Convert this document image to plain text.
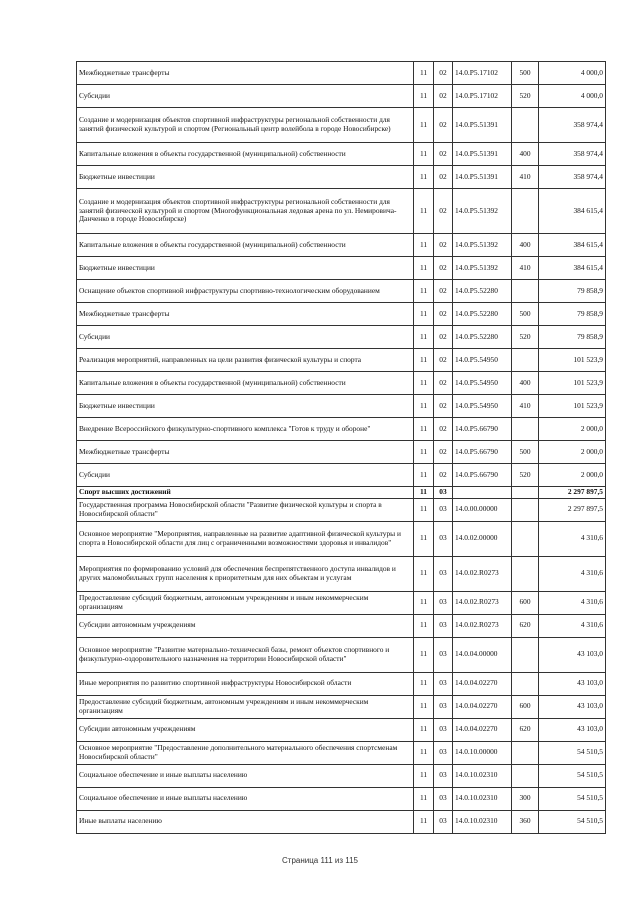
Межбюджетные трансферты	11	02	14.0.P5.17102	500	4 000,0
Субсидии	11	02	14.0.P5.17102	520	4 000,0
Создание и модернизация объектов спортивной инфраструктуры региональной собственности для занятий физической культурой и спортом (Региональный центр волейбола в городе Новосибирске)	11	02	14.0.P5.51391		358 974,4
Капитальные вложения в объекты государственной (муниципальной) собственности	11	02	14.0.P5.51391	400	358 974,4
Бюджетные инвестиции	11	02	14.0.P5.51391	410	358 974,4
Создание и модернизация объектов спортивной инфраструктуры региональной собственности для занятий физической культурой и спортом (Многофункциональная ледовая арена по ул. Немировича-Данченко в городе Новосибирске)	11	02	14.0.P5.51392		384 615,4
Капитальные вложения в объекты государственной (муниципальной) собственности	11	02	14.0.P5.51392	400	384 615,4
Бюджетные инвестиции	11	02	14.0.P5.51392	410	384 615,4
Оснащение объектов спортивной инфраструктуры спортивно-технологическим оборудованием	11	02	14.0.P5.52280		79 858,9
Межбюджетные трансферты	11	02	14.0.P5.52280	500	79 858,9
Субсидии	11	02	14.0.P5.52280	520	79 858,9
Реализация мероприятий, направленных на цели развития физической культуры и спорта	11	02	14.0.P5.54950		101 523,9
Капитальные вложения в объекты государственной (муниципальной) собственности	11	02	14.0.P5.54950	400	101 523,9
Бюджетные инвестиции	11	02	14.0.P5.54950	410	101 523,9
Внедрение Всероссийского физкультурно-спортивного комплекса "Готов к труду и обороне"	11	02	14.0.P5.66790		2 000,0
Межбюджетные трансферты	11	02	14.0.P5.66790	500	2 000,0
Субсидии	11	02	14.0.P5.66790	520	2 000,0
Спорт высших достижений	11	03			2 297 897,5
Государственная программа Новосибирской области "Развитие физической культуры и спорта в Новосибирской области"	11	03	14.0.00.00000		2 297 897,5
Основное мероприятие "Мероприятия, направленные на развитие адаптивной физической культуры и спорта в Новосибирской области для лиц с ограниченными возможностями здоровья и инвалидов"	11	03	14.0.02.00000		4 310,6
Мероприятия по формированию условий для обеспечения беспрепятственного доступа инвалидов и других маломобильных групп населения к приоритетным для них объектам и услугам	11	03	14.0.02.R0273		4 310,6
Предоставление субсидий бюджетным, автономным учреждениям и иным некоммерческим организациям	11	03	14.0.02.R0273	600	4 310,6
Субсидии автономным учреждениям	11	03	14.0.02.R0273	620	4 310,6
Основное мероприятие "Развитие материально-технической базы, ремонт объектов спортивного и физкультурно-оздоровительного назначения на территории Новосибирской области"	11	03	14.0.04.00000		43 103,0
Иные мероприятия по развитию спортивной инфраструктуры Новосибирской области	11	03	14.0.04.02270		43 103,0
Предоставление субсидий бюджетным, автономным учреждениям и иным некоммерческим организациям	11	03	14.0.04.02270	600	43 103,0
Субсидии автономным учреждениям	11	03	14.0.04.02270	620	43 103,0
Основное мероприятие "Предоставление дополнительного материального обеспечения спортсменам Новосибирской области"	11	03	14.0.10.00000		54 510,5
Социальное обеспечение и иные выплаты населению	11	03	14.0.10.02310		54 510,5
Социальное обеспечение и иные выплаты населению	11	03	14.0.10.02310	300	54 510,5
Иные выплаты населению	11	03	14.0.10.02310	360	54 510,5
Страница 111 из 115
